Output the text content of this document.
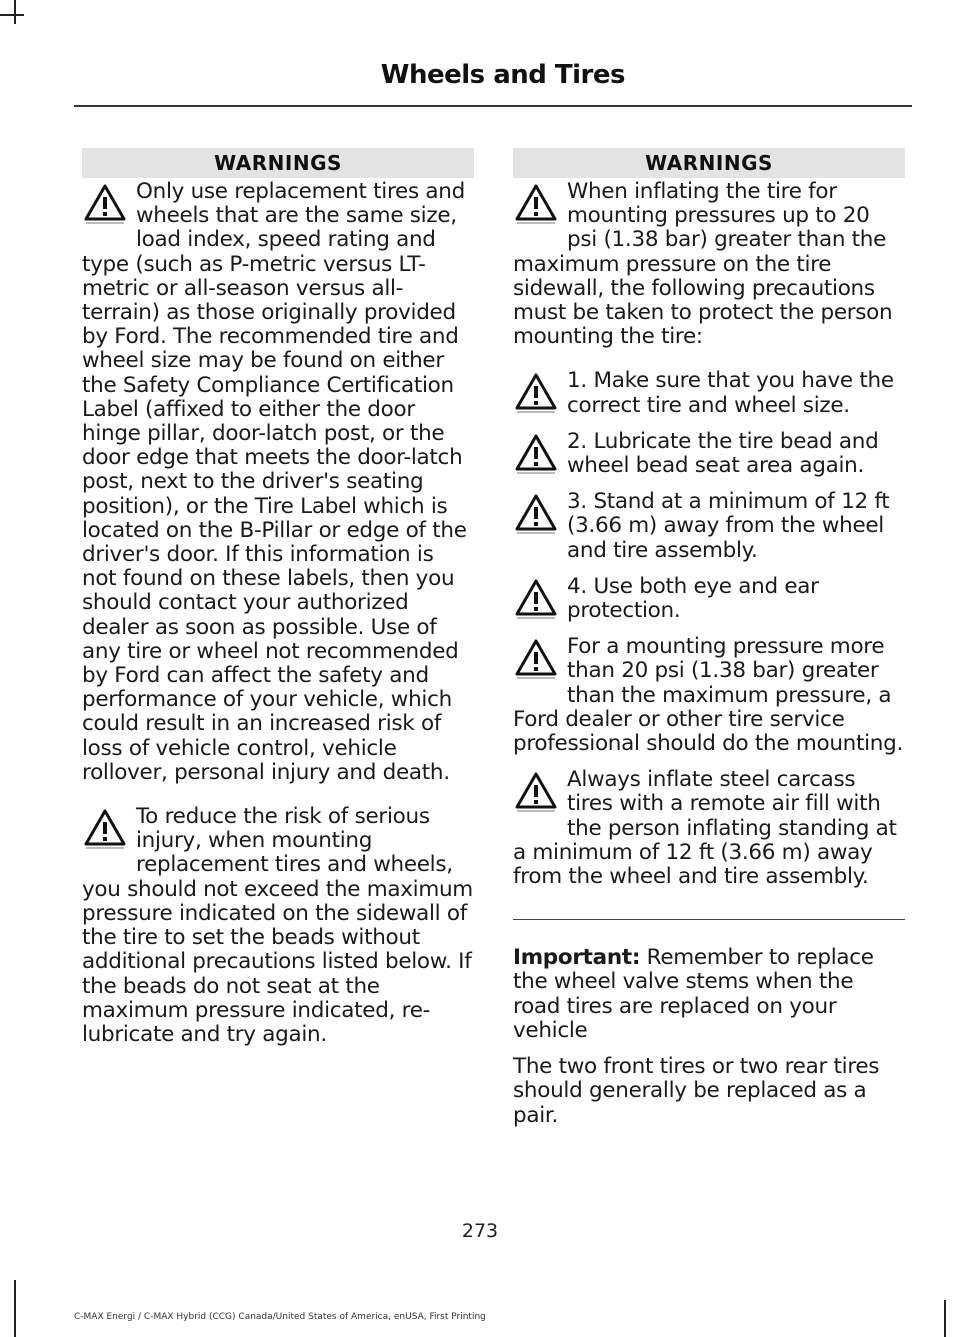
Wheels and Tires
WARNINGS
Only use replacement tires and wheels that are the same size, load index, speed rating and type (such as P-metric versus LT-metric or all-season versus all-terrain) as those originally provided by Ford. The recommended tire and wheel size may be found on either the Safety Compliance Certification Label (affixed to either the door hinge pillar, door-latch post, or the door edge that meets the door-latch post, next to the driver's seating position), or the Tire Label which is located on the B-Pillar or edge of the driver's door. If this information is not found on these labels, then you should contact your authorized dealer as soon as possible. Use of any tire or wheel not recommended by Ford can affect the safety and performance of your vehicle, which could result in an increased risk of loss of vehicle control, vehicle rollover, personal injury and death.
To reduce the risk of serious injury, when mounting replacement tires and wheels, you should not exceed the maximum pressure indicated on the sidewall of the tire to set the beads without additional precautions listed below. If the beads do not seat at the maximum pressure indicated, re-lubricate and try again.
WARNINGS
When inflating the tire for mounting pressures up to 20 psi (1.38 bar) greater than the maximum pressure on the tire sidewall, the following precautions must be taken to protect the person mounting the tire:
1. Make sure that you have the correct tire and wheel size.
2. Lubricate the tire bead and wheel bead seat area again.
3. Stand at a minimum of 12 ft (3.66 m) away from the wheel and tire assembly.
4. Use both eye and ear protection.
For a mounting pressure more than 20 psi (1.38 bar) greater than the maximum pressure, a Ford dealer or other tire service professional should do the mounting.
Always inflate steel carcass tires with a remote air fill with the person inflating standing at a minimum of 12 ft (3.66 m) away from the wheel and tire assembly.

Important: Remember to replace the wheel valve stems when the road tires are replaced on your vehicle

The two front tires or two rear tires should generally be replaced as a pair.

273
C-MAX Energi / C-MAX Hybrid (CCG) Canada/United States of America, enUSA, First Printing
